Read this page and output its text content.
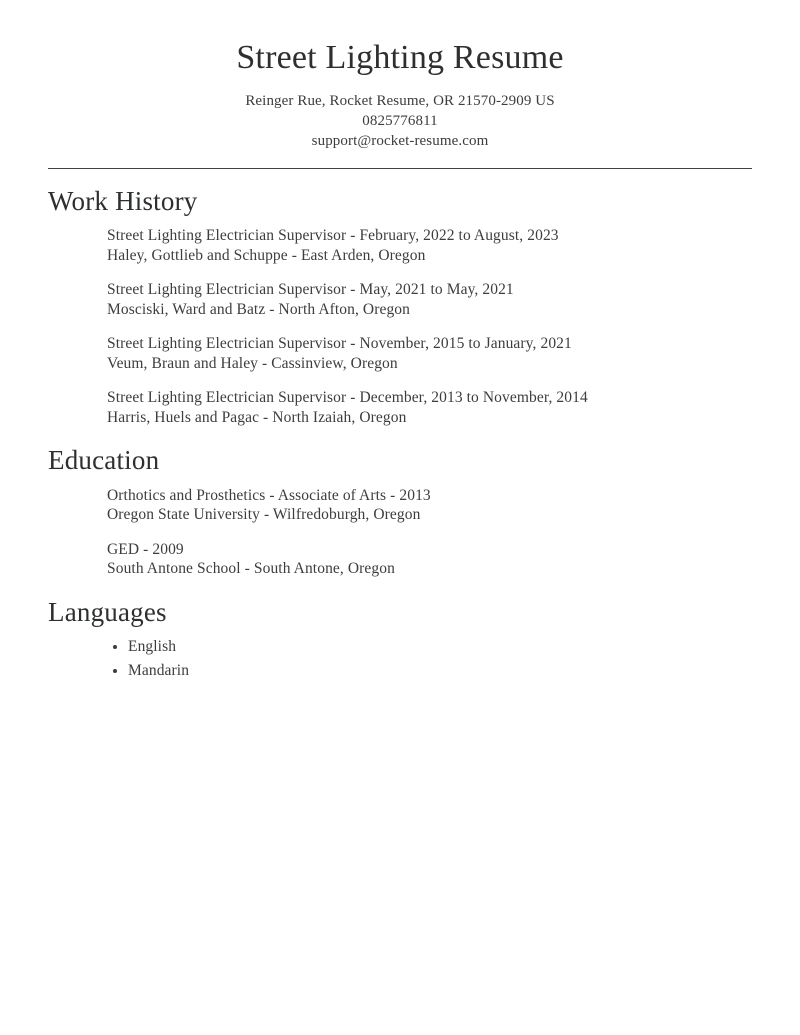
Street Lighting Resume
Reinger Rue, Rocket Resume, OR 21570-2909 US
0825776811
support@rocket-resume.com
Work History
Street Lighting Electrician Supervisor - February, 2022 to August, 2023
Haley, Gottlieb and Schuppe - East Arden, Oregon
Street Lighting Electrician Supervisor - May, 2021 to May, 2021
Mosciski, Ward and Batz - North Afton, Oregon
Street Lighting Electrician Supervisor - November, 2015 to January, 2021
Veum, Braun and Haley - Cassinview, Oregon
Street Lighting Electrician Supervisor - December, 2013 to November, 2014
Harris, Huels and Pagac - North Izaiah, Oregon
Education
Orthotics and Prosthetics - Associate of Arts - 2013
Oregon State University - Wilfredoburgh, Oregon
GED - 2009
South Antone School - South Antone, Oregon
Languages
• English
• Mandarin
